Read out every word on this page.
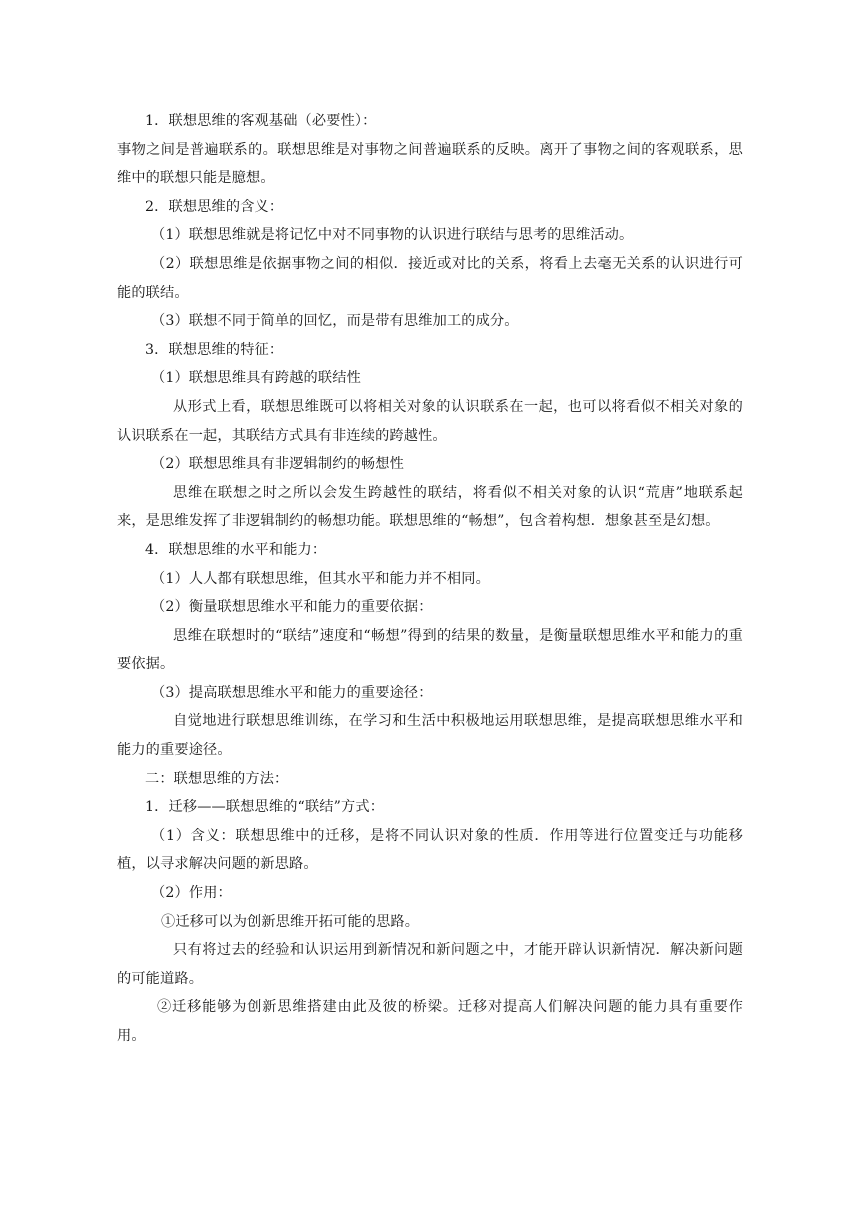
1．联想思维的客观基础（必要性）：

事物之间是普遍联系的。联想思维是对事物之间普遍联系的反映。离开了事物之间的客观联系，思维中的联想只能是臆想。

2．联想思维的含义：

（1）联想思维就是将记忆中对不同事物的认识进行联结与思考的思维活动。

（2）联想思维是依据事物之间的相似．接近或对比的关系，将看上去毫无关系的认识进行可能的联结。

（3）联想不同于简单的回忆，而是带有思维加工的成分。

3．联想思维的特征：

（1）联想思维具有跨越的联结性

从形式上看，联想思维既可以将相关对象的认识联系在一起，也可以将看似不相关对象的认识联系在一起，其联结方式具有非连续的跨越性。

（2）联想思维具有非逻辑制约的畅想性

思维在联想之时之所以会发生跨越性的联结，将看似不相关对象的认识“荒唐”地联系起来，是思维发挥了非逻辑制约的畅想功能。联想思维的“畅想”，包含着构想．想象甚至是幻想。

4．联想思维的水平和能力：

（1）人人都有联想思维，但其水平和能力并不相同。

（2）衡量联想思维水平和能力的重要依据：

思维在联想时的“联结”速度和“畅想”得到的结果的数量，是衡量联想思维水平和能力的重要依据。

（3）提高联想思维水平和能力的重要途径：

自觉地进行联想思维训练，在学习和生活中积极地运用联想思维，是提高联想思维水平和能力的重要途径。

二：联想思维的方法：

1．迁移——联想思维的“联结”方式：

（1）含义：联想思维中的迁移，是将不同认识对象的性质．作用等进行位置变迁与功能移植，以寻求解决问题的新思路。

（2）作用：

①迁移可以为创新思维开拓可能的思路。

只有将过去的经验和认识运用到新情况和新问题之中，才能开辟认识新情况．解决新问题的可能道路。

②迁移能够为创新思维搭建由此及彼的桥梁。迁移对提高人们解决问题的能力具有重要作用。
